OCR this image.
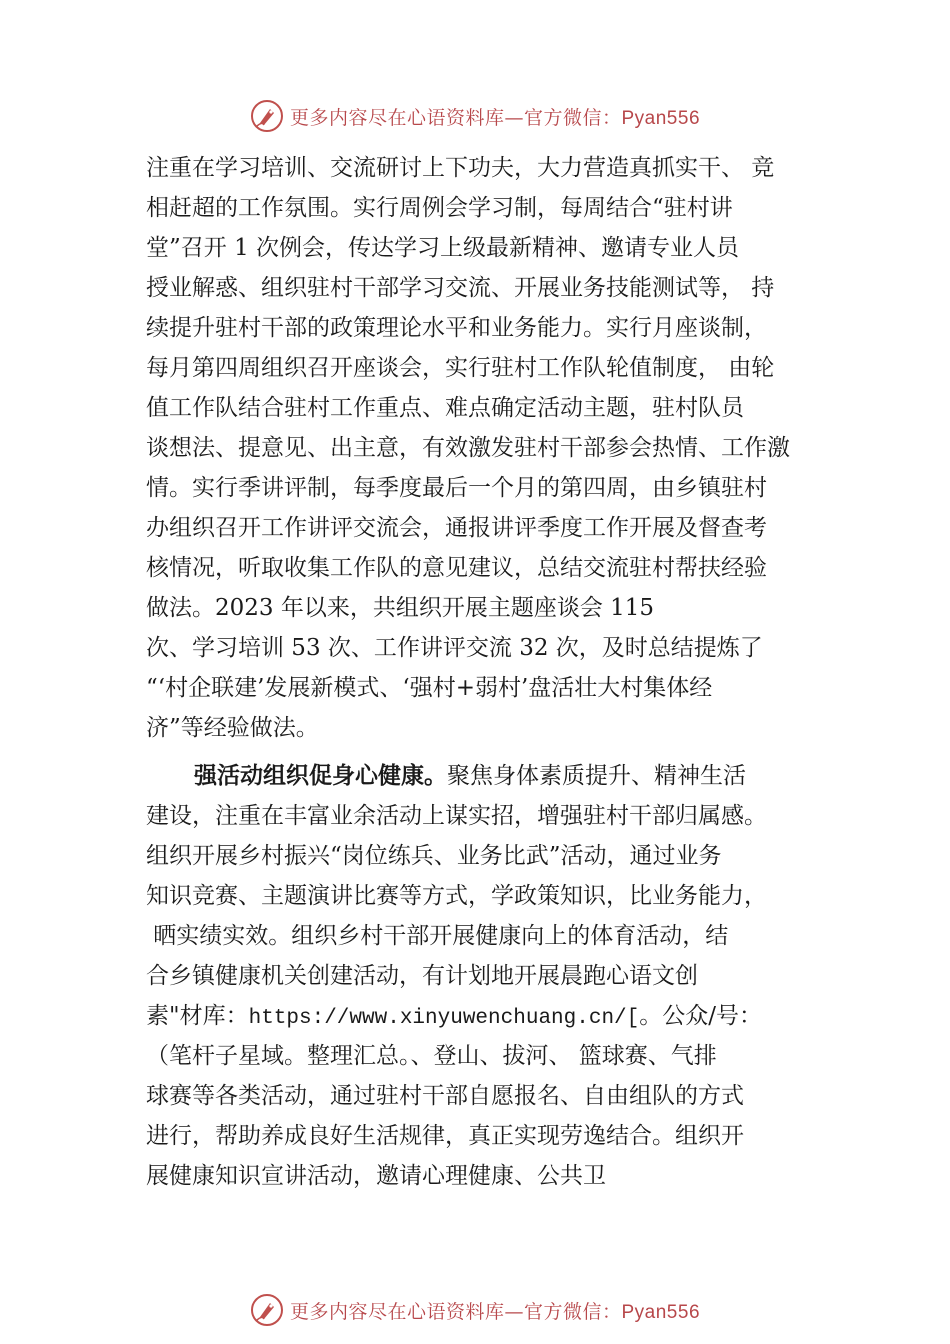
更多内容尽在心语资料库—官方微信：Pyan556
注重在学习培训、交流研讨上下功夫，大力营造真抓实干、 竞
相赶超的工作氛围。实行周例会学习制，每周结合“驻村讲
堂”召开 1 次例会，传达学习上级最新精神、邀请专业人员
授业解惑、组织驻村干部学习交流、开展业务技能测试等， 持
续提升驻村干部的政策理论水平和业务能力。实行月座谈制，
每月第四周组织召开座谈会，实行驻村工作队轮值制度， 由轮
值工作队结合驻村工作重点、难点确定活动主题，驻村队员
谈想法、提意见、出主意，有效激发驻村干部参会热情、工作激
情。实行季讲评制，每季度最后一个月的第四周，由乡镇驻村
办组织召开工作讲评交流会，通报讲评季度工作开展及督查考
核情况，听取收集工作队的意见建议，总结交流驻村帮扶经验
做法。2023 年以来，共组织开展主题座谈会 115
次、学习培训 53 次、工作讲评交流 32 次，及时总结提炼了
“‘村企联建’发展新模式、‘强村+弱村’盘活壮大村集体经
济”等经验做法。
强活动组织促身心健康。聚焦身体素质提升、精神生活
建设，注重在丰富业余活动上谋实招，增强驻村干部归属感。
组织开展乡村振兴“岗位练兵、业务比武”活动，通过业务
知识竞赛、主题演讲比赛等方式，学政策知识，比业务能力，
晒实绩实效。组织乡村干部开展健康向上的体育活动，结
合乡镇健康机关创建活动，有计划地开展晨跑心语文创
素"材库：https://www.xinyuwenchuang.cn/[。公众/号：
（笔杆子星域。整理汇总。、登山、拔河、 篮球赛、气排
球赛等各类活动，通过驻村干部自愿报名、自由组队的方式
进行，帮助养成良好生活规律，真正实现劳逸结合。组织开
展健康知识宣讲活动，邀请心理健康、公共卫
更多内容尽在心语资料库—官方微信：Pyan556
